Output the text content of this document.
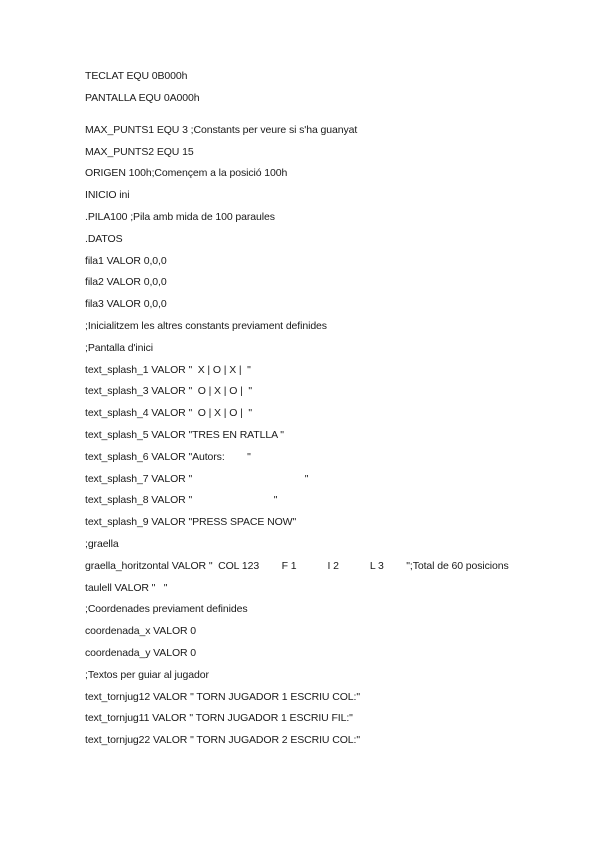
TECLAT EQU 0B000h
PANTALLA EQU 0A000h
MAX_PUNTS1 EQU 3 ;Constants per veure si s'ha guanyat
MAX_PUNTS2 EQU 15
ORIGEN 100h;Començem a la posició 100h
INICIO ini
.PILA100 ;Pila amb mida de 100 paraules
.DATOS
fila1 VALOR 0,0,0
fila2 VALOR 0,0,0
fila3 VALOR 0,0,0
;Inicialitzem les altres constants previament definides
;Pantalla d'inici
text_splash_1 VALOR "  X | O | X |  "
text_splash_3 VALOR "  O | X | O |  "
text_splash_4 VALOR "  O | X | O |  "
text_splash_5 VALOR "TRES EN RATLLA "
text_splash_6 VALOR "Autors:        "
text_splash_7 VALOR "                                        "
text_splash_8 VALOR "                             "
text_splash_9 VALOR "PRESS SPACE NOW"
;graella
graella_horitzontal VALOR "  COL 123        F 1           I 2           L 3        ";Total de 60 posicions
taulell VALOR "   "
;Coordenades previament definides
coordenada_x VALOR 0
coordenada_y VALOR 0
;Textos per guiar al jugador
text_tornjug12 VALOR " TORN JUGADOR 1 ESCRIU COL:"
text_tornjug11 VALOR " TORN JUGADOR 1 ESCRIU FIL:"
text_tornjug22 VALOR " TORN JUGADOR 2 ESCRIU COL:"
